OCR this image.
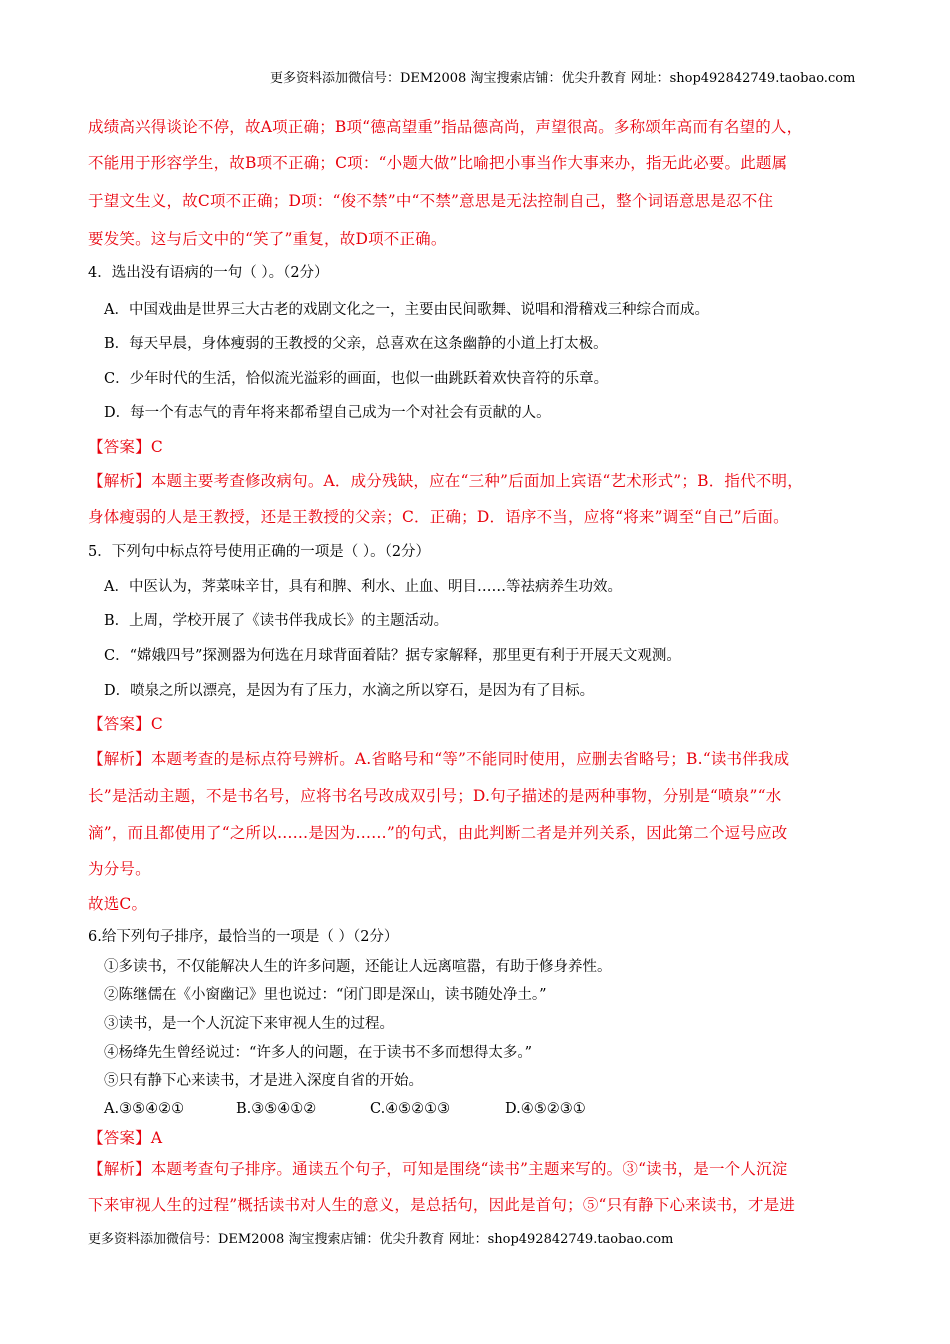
更多资料添加微信号：DEM2008 淘宝搜索店铺：优尖升教育 网址：shop492842749.taobao.com
成绩高兴得谈论不停，故A项正确；B项“德高望重”指品德高尚，声望很高。多称颂年高而有名望的人，
不能用于形容学生，故B项不正确；C项：“小题大做”比喻把小事当作大事来办，指无此必要。此题属
于望文生义，故C项不正确；D项：“俊不禁”中“不禁”意思是无法控制自己，整个词语意思是忍不住
要发笑。这与后文中的“笑了”重复，故D项不正确。
4．选出没有语病的一句（ ）。（2分）
A．中国戏曲是世界三大古老的戏剧文化之一，主要由民间歌舞、说唱和滑稽戏三种综合而成。
B．每天早晨，身体瘦弱的王教授的父亲，总喜欢在这条幽静的小道上打太极。
C．少年时代的生活，恰似流光溢彩的画面，也似一曲跳跃着欢快音符的乐章。
D．每一个有志气的青年将来都希望自己成为一个对社会有贡献的人。
【答案】C
【解析】本题主要考查修改病句。A．成分残缺，应在“三种”后面加上宾语“艺术形式”；B．指代不明，
身体瘦弱的人是王教授，还是王教授的父亲；C．正确；D．语序不当，应将“将来”调至“自己”后面。
5．下列句中标点符号使用正确的一项是（ ）。（2分）
A．中医认为，荠菜味辛甘，具有和脾、利水、止血、明目……等祛病养生功效。
B．上周，学校开展了《读书伴我成长》的主题活动。
C．“嫦娥四号”探测器为何选在月球背面着陆？据专家解释，那里更有利于开展天文观测。
D．喷泉之所以漂亮，是因为有了压力，水滴之所以穿石，是因为有了目标。
【答案】C
【解析】本题考查的是标点符号辨析。A.省略号和“等”不能同时使用，应删去省略号；B.“读书伴我成
长”是活动主题，不是书名号，应将书名号改成双引号；D.句子描述的是两种事物，分别是“喷泉”“水
滴”，而且都使用了“之所以……是因为……”的句式，由此判断二者是并列关系，因此第二个逗号应改
为分号。
故选C。
6.给下列句子排序，最恰当的一项是（ ）（2分）
①多读书，不仅能解决人生的许多问题，还能让人远离喧嚣，有助于修身养性。
②陈继儒在《小窗幽记》里也说过：“闭门即是深山，读书随处净土。”
③读书，是一个人沉淀下来审视人生的过程。
④杨绛先生曾经说过：“许多人的问题，在于读书不多而想得太多。”
⑤只有静下心来读书，才是进入深度自省的开始。
A.③⑤④②①	B.③⑤④①②	C.④⑤②①③	D.④⑤②③①
【答案】A
【解析】本题考查句子排序。通读五个句子，可知是围绕“读书”主题来写的。③“读书，是一个人沉淀
下来审视人生的过程”概括读书对人生的意义，是总括句，因此是首句；⑤“只有静下心来读书，才是进
更多资料添加微信号：DEM2008 淘宝搜索店铺：优尖升教育 网址：shop492842749.taobao.com
